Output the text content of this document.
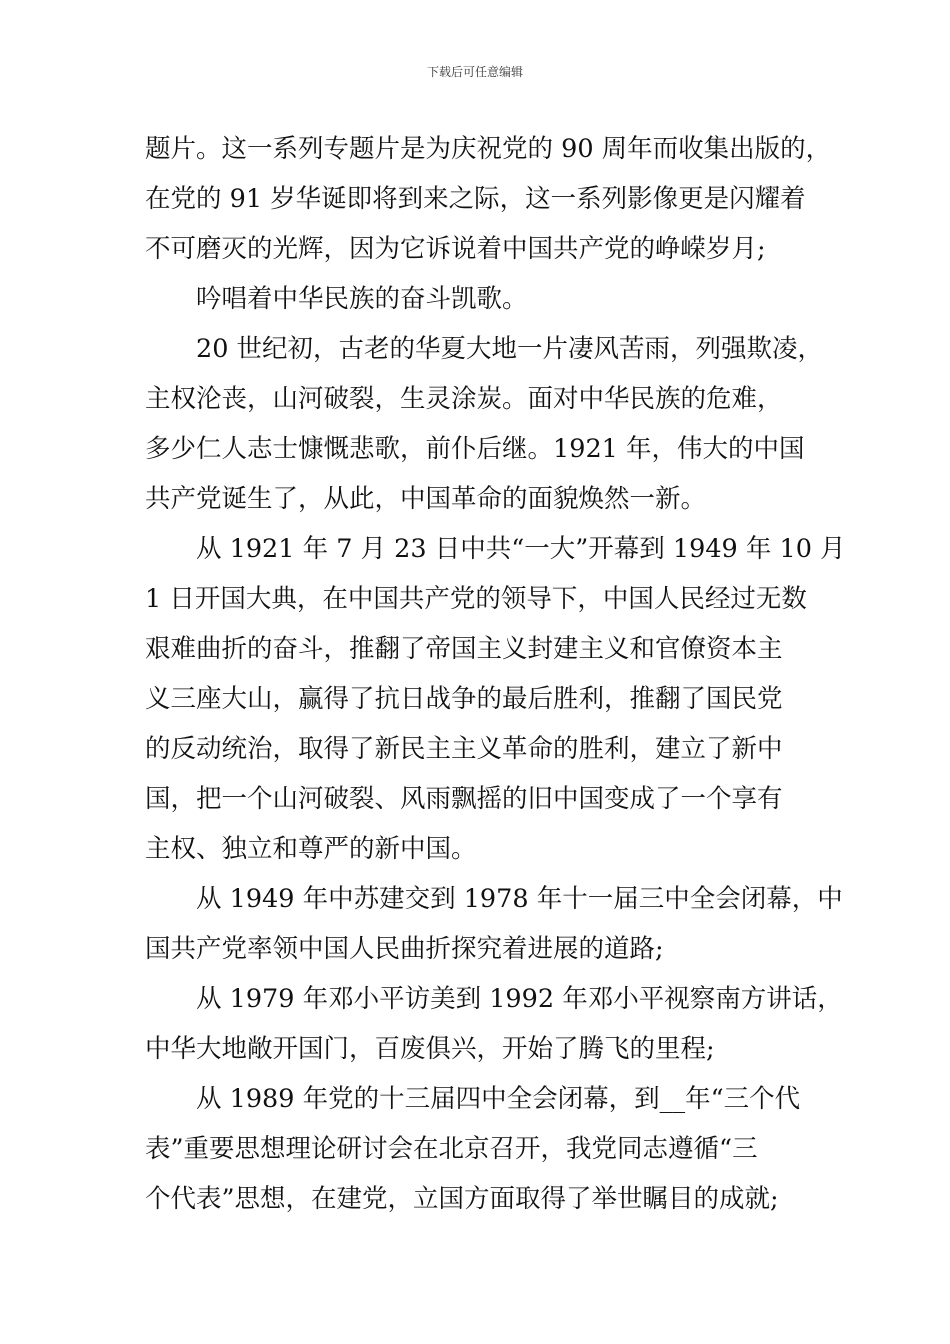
下载后可任意编辑
题片。这一系列专题片是为庆祝党的 90 周年而收集出版的，
在党的 91 岁华诞即将到来之际，这一系列影像更是闪耀着
不可磨灭的光辉，因为它诉说着中国共产党的峥嵘岁月;
吟唱着中华民族的奋斗凯歌。
20 世纪初，古老的华夏大地一片凄风苦雨，列强欺凌，
主权沦丧，山河破裂，生灵涂炭。面对中华民族的危难，
多少仁人志士慷慨悲歌，前仆后继。1921 年，伟大的中国
共产党诞生了，从此，中国革命的面貌焕然一新。
从 1921 年 7 月 23 日中共“一大”开幕到 1949 年 10 月
1 日开国大典，在中国共产党的领导下，中国人民经过无数
艰难曲折的奋斗，推翻了帝国主义封建主义和官僚资本主
义三座大山，赢得了抗日战争的最后胜利，推翻了国民党
的反动统治，取得了新民主主义革命的胜利，建立了新中
国，把一个山河破裂、风雨飘摇的旧中国变成了一个享有
主权、独立和尊严的新中国。
从 1949 年中苏建交到 1978 年十一届三中全会闭幕，中
国共产党率领中国人民曲折探究着进展的道路;
从 1979 年邓小平访美到 1992 年邓小平视察南方讲话，
中华大地敞开国门，百废俱兴，开始了腾飞的里程;
从 1989 年党的十三届四中全会闭幕，到__年“三个代
表”重要思想理论研讨会在北京召开，我党同志遵循“三
个代表”思想，在建党，立国方面取得了举世瞩目的成就;
